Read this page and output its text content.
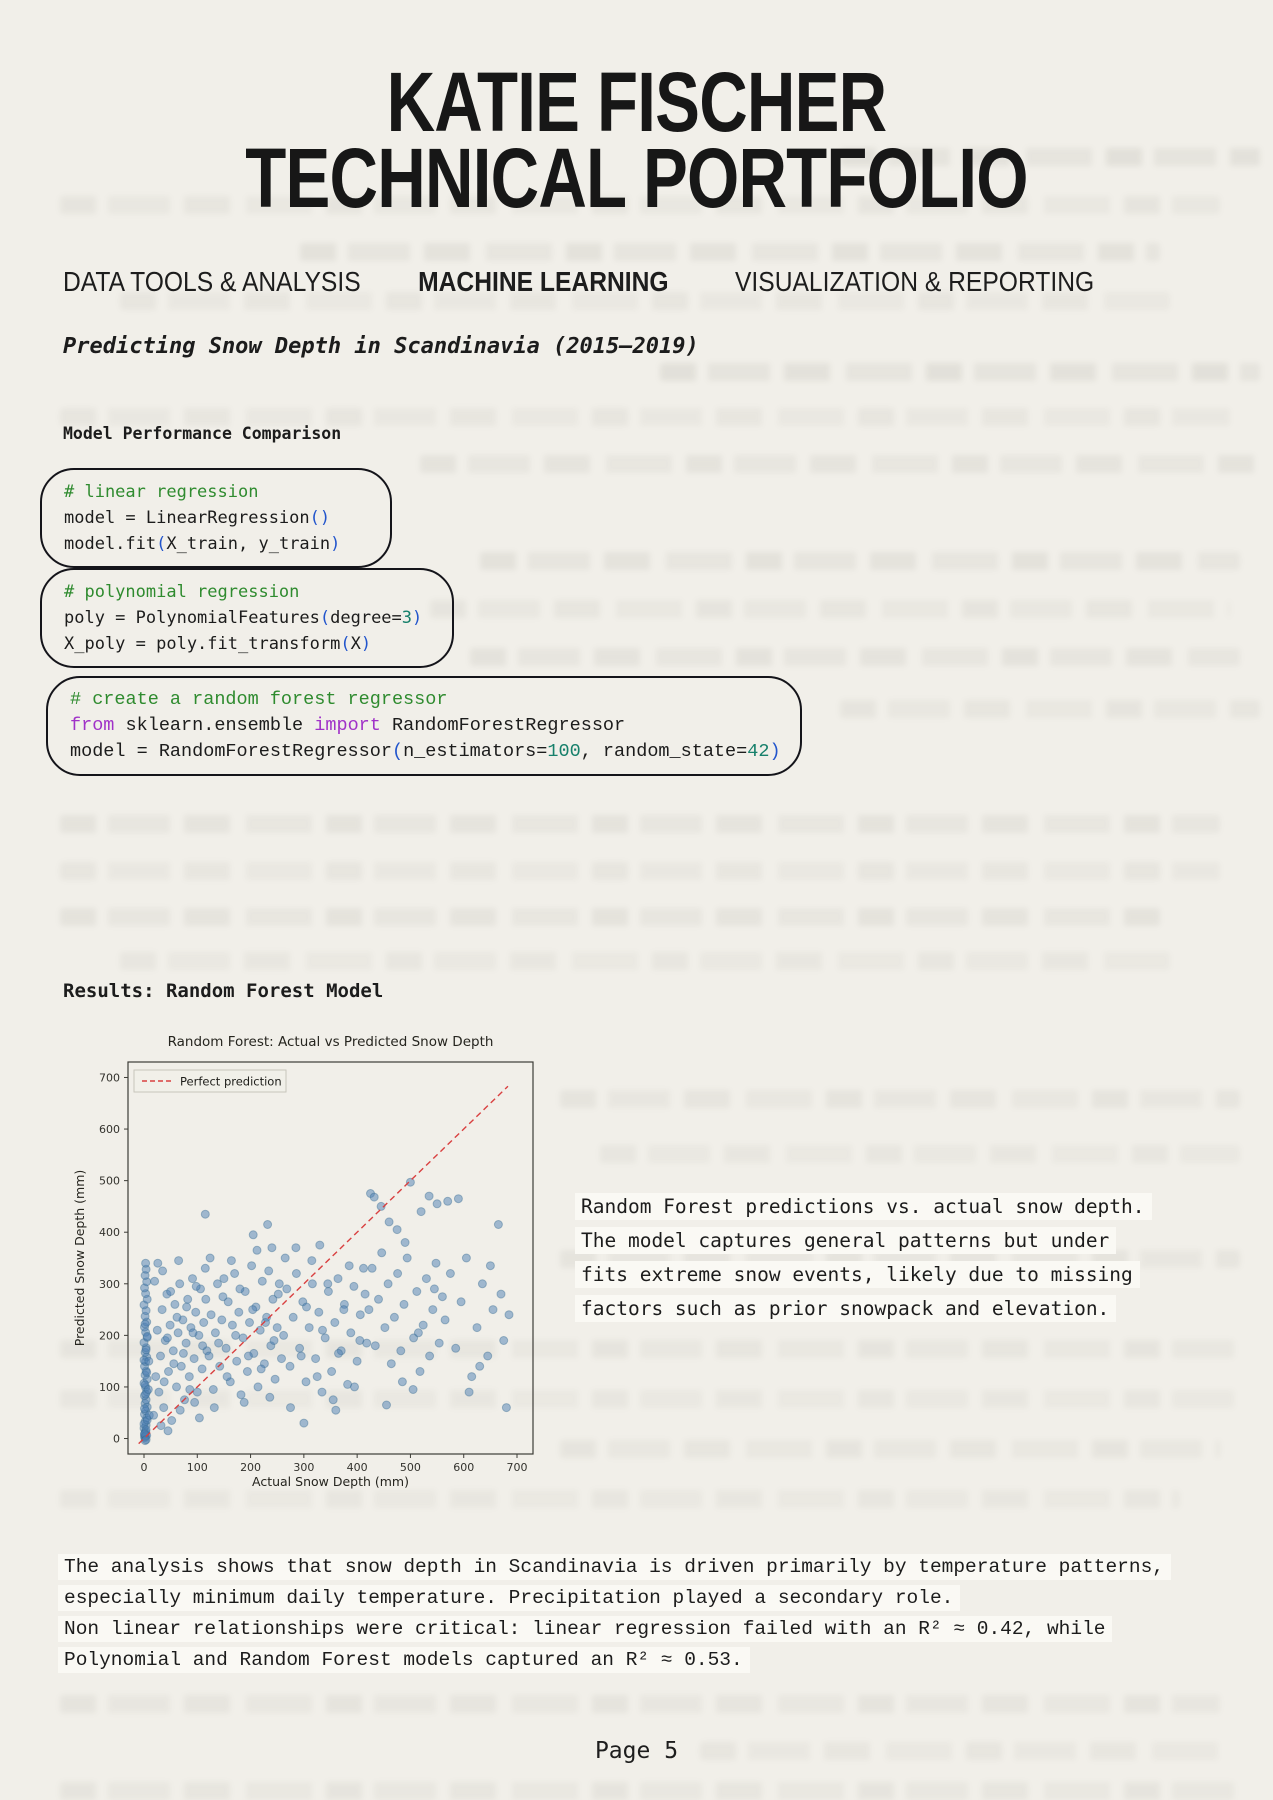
KATIE FISCHER
TECHNICAL PORTFOLIO
DATA TOOLS & ANALYSIS MACHINE LEARNING VISUALIZATION & REPORTING
Predicting Snow Depth in Scandinavia (2015–2019)
Model Performance Comparison
# linear regression
model = LinearRegression()
model.fit(X_train, y_train)

# polynomial regression
poly = PolynomialFeatures(degree=3)
X_poly = poly.fit_transform(X)

# create a random forest regressor
from sklearn.ensemble import RandomForestRegressor
model = RandomForestRegressor(n_estimators=100, random_state=42)

Results: Random Forest Model
Random Forest: Actual vs Predicted Snow Depth
0	100	200	300	400	500	600	700
0
100
200
300
400
500
600
700
Actual Snow Depth (mm)
Predicted Snow Depth (mm)
Perfect prediction
Random Forest predictions vs. actual snow depth.
The model captures general patterns but under
fits extreme snow events, likely due to missing
factors such as prior snowpack and elevation.

The analysis shows that snow depth in Scandinavia is driven primarily by temperature patterns,
especially minimum daily temperature. Precipitation played a secondary role.
Non linear relationships were critical: linear regression failed with an R² ≈ 0.42, while
Polynomial and Random Forest models captured an R² ≈ 0.53.

Page 5
